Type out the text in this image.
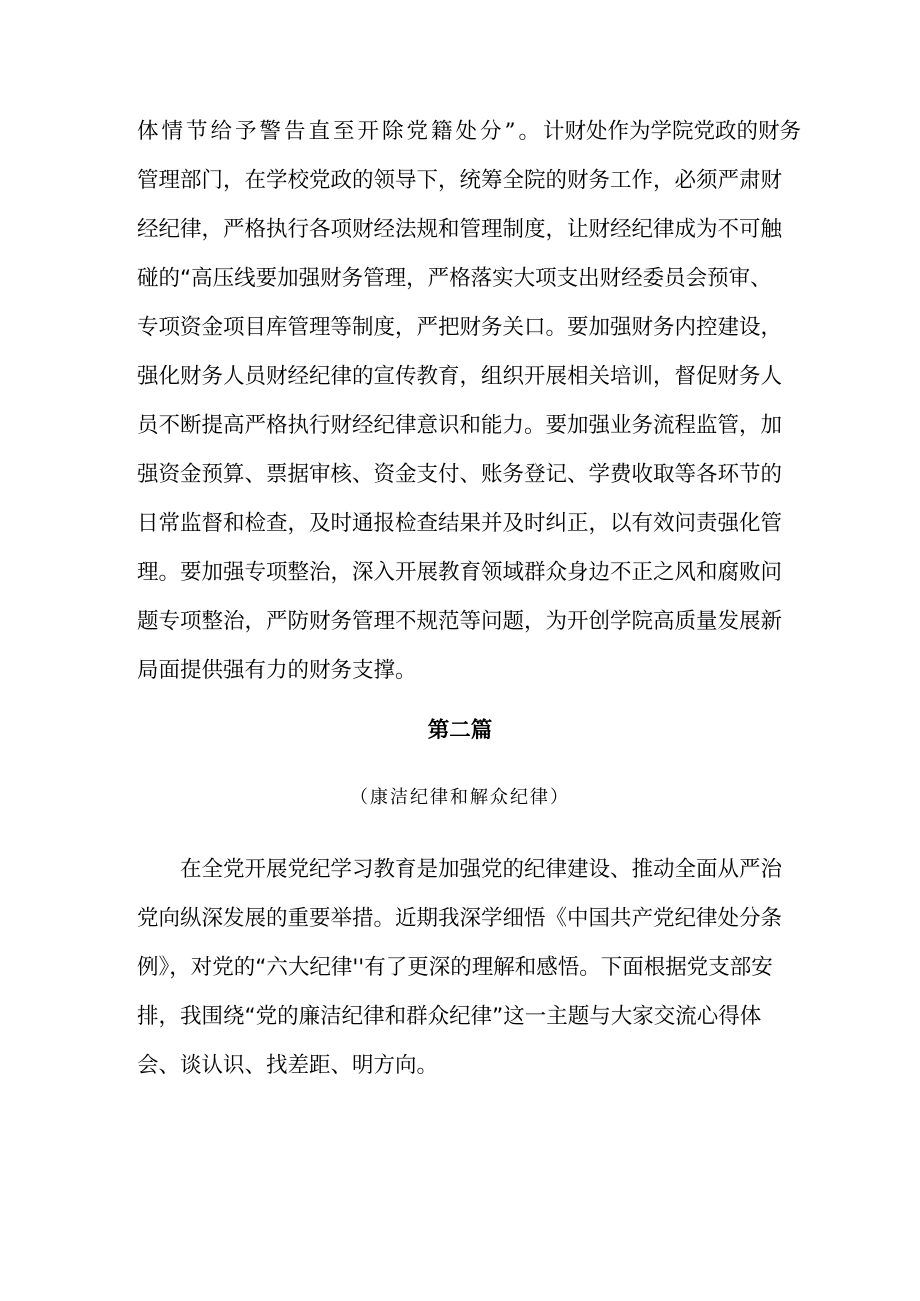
体情节给予警告直至开除党籍处分”。计财处作为学院党政的财务
管理部门，在学校党政的领导下，统筹全院的财务工作，必须严肃财
经纪律，严格执行各项财经法规和管理制度，让财经纪律成为不可触
碰的“高压线要加强财务管理，严格落实大项支出财经委员会预审、
专项资金项目库管理等制度，严把财务关口。要加强财务内控建设，
强化财务人员财经纪律的宣传教育，组织开展相关培训，督促财务人
员不断提高严格执行财经纪律意识和能力。要加强业务流程监管，加
强资金预算、票据审核、资金支付、账务登记、学费收取等各环节的
日常监督和检查，及时通报检查结果并及时纠正，以有效问责强化管
理。要加强专项整治，深入开展教育领域群众身边不正之风和腐败问
题专项整治，严防财务管理不规范等问题，为开创学院高质量发展新
局面提供强有力的财务支撑。
第二篇

（康洁纪律和解众纪律）

在全党开展党纪学习教育是加强党的纪律建设、推动全面从严治
党向纵深发展的重要举措。近期我深学细悟《中国共产党纪律处分条
例》，对党的“六大纪律''有了更深的理解和感悟。下面根据党支部安
排，我围绕“党的廉洁纪律和群众纪律”这一主题与大家交流心得体
会、谈认识、找差距、明方向。
